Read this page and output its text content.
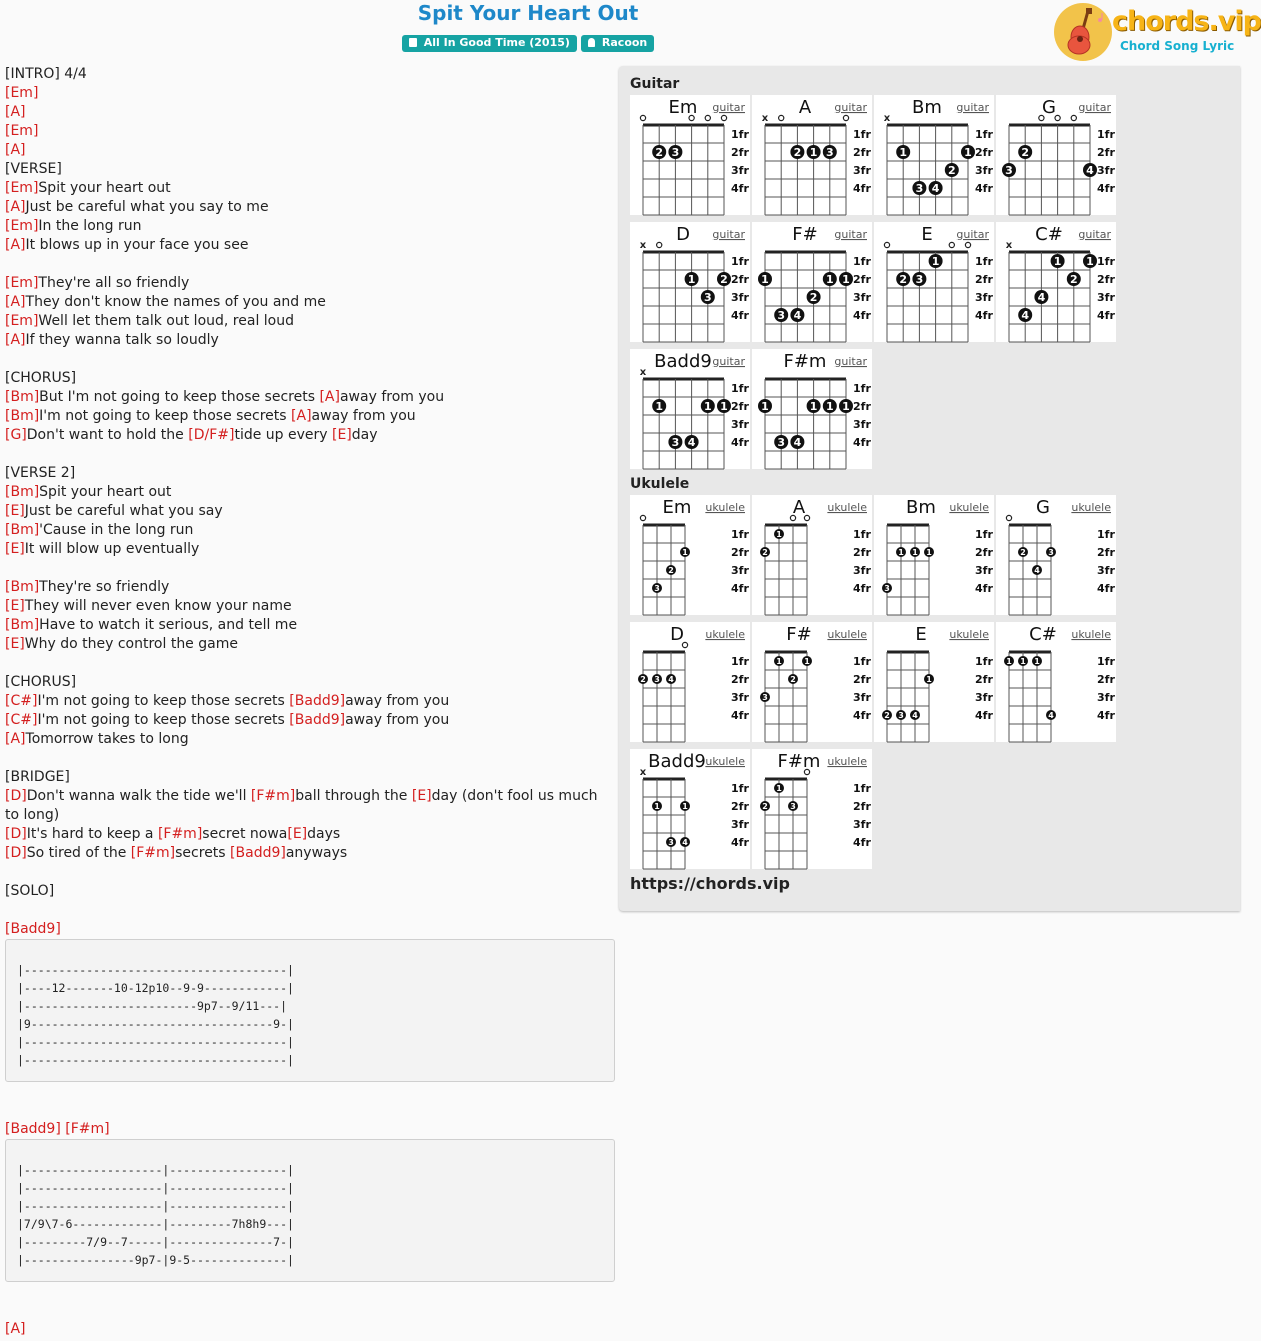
Spit Your Heart Out
All In Good Time (2015)	Racoon
chords.vip
Chord Song Lyric
[INTRO] 4/4
[Em]
[A]
[Em]
[A]
[VERSE]
[Em]Spit your heart out
[A]Just be careful what you say to me
[Em]In the long run
[A]It blows up in your face you see
[Em]They're all so friendly
[A]They don't know the names of you and me
[Em]Well let them talk out loud, real loud
[A]If they wanna talk so loudly
[CHORUS]
[Bm]But I'm not going to keep those secrets [A]away from you
[Bm]I'm not going to keep those secrets [A]away from you
[G]Don't want to hold the [D/F#]tide up every [E]day
[VERSE 2]
[Bm]Spit your heart out
[E]Just be careful what you say
[Bm]'Cause in the long run
[E]It will blow up eventually
[Bm]They're so friendly
[E]They will never even know your name
[Bm]Have to watch it serious, and tell me
[E]Why do they control the game
[CHORUS]
[C#]I'm not going to keep those secrets [Badd9]away from you
[C#]I'm not going to keep those secrets [Badd9]away from you
[A]Tomorrow takes to long
[BRIDGE]
[D]Don't wanna walk the tide we'll [F#m]ball through the [E]day (don't fool us much to long)
[D]It's hard to keep a [F#m]secret nowa[E]days
[D]So tired of the [F#m]secrets [Badd9]anyways
[SOLO]
[Badd9]
|--------------------------------------|
|----12-------10-12p10--9-9------------|
|-------------------------9p7--9/11---|
|9-----------------------------------9-|
|--------------------------------------|
|--------------------------------------|
[Badd9] [F#m]
|--------------------|-----------------|
|--------------------|-----------------|
|--------------------|-----------------|
|7/9\7-6-------------|---------7h8h9---|
|---------7/9--7-----|---------------7-|
|----------------9p7-|9-5--------------|
[A]
Guitar
Em guitar
1fr
2fr
3fr
4fr
2 3
A guitar
x
1fr
2fr
3fr
4fr
2 1 3
Bm guitar
x
1fr
2fr
3fr
4fr
1	1
2
3 4
G guitar
1fr
2fr
3fr
4fr
2
3	4
D guitar
x
1fr
2fr
3fr
4fr
1 2
3
F# guitar
1fr
2fr
3fr
4fr
1	1 1
2
3 4
E guitar
1fr
2fr
3fr
4fr
1
2 3
C# guitar
x
1fr
2fr
3fr
4fr
1 1
2
4
4
Badd9 guitar
x
1fr
2fr
3fr
4fr
1	1 1
3 4
F#m guitar
1fr
2fr
3fr
4fr
1	1 1 1
3 4
Ukulele
Em ukulele
1fr
2fr
3fr
4fr
1
2
3
A ukulele
1fr
2fr
3fr
4fr
1
2
Bm ukulele
1fr
2fr
3fr
4fr
1 1 1
3
G ukulele
1fr
2fr
3fr
4fr
2	3
4
D ukulele
1fr
2fr
3fr
4fr
2 3 4
F# ukulele
1fr
2fr
3fr
4fr
1	1
2
3
E ukulele
1fr
2fr
3fr
4fr
1
2 3 4
C# ukulele
1fr
2fr
3fr
4fr
1 1 1
4
Badd9 ukulele
x
1fr
2fr
3fr
4fr
1	1
3 4
F#m ukulele
1fr
2fr
3fr
4fr
1
2	3
https://chords.vip
